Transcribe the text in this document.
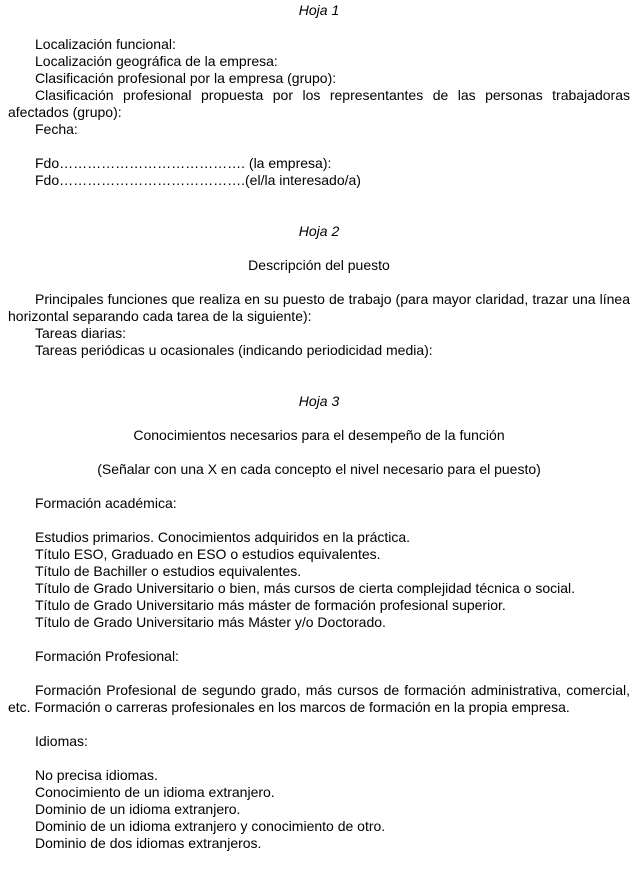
Hoja 1

Localización funcional:

Localización geográfica de la empresa:

Clasificación profesional por la empresa (grupo):

Clasificación profesional propuesta por los representantes de las personas trabajadoras afectados (grupo):

Fecha:

Fdo…………………………………. (la empresa):

Fdo………………………………….(el/la interesado/a)

Hoja 2

Descripción del puesto

Principales funciones que realiza en su puesto de trabajo (para mayor claridad, trazar una línea horizontal separando cada tarea de la siguiente):

Tareas diarias:

Tareas periódicas u ocasionales (indicando periodicidad media):

Hoja 3

Conocimientos necesarios para el desempeño de la función

(Señalar con una X en cada concepto el nivel necesario para el puesto)

Formación académica:

Estudios primarios. Conocimientos adquiridos en la práctica.

Título ESO, Graduado en ESO o estudios equivalentes.

Título de Bachiller o estudios equivalentes.

Título de Grado Universitario o bien, más cursos de cierta complejidad técnica o social.

Título de Grado Universitario más máster de formación profesional superior.

Título de Grado Universitario más Máster y/o Doctorado.

Formación Profesional:

Formación Profesional de segundo grado, más cursos de formación administrativa, comercial, etc. Formación o carreras profesionales en los marcos de formación en la propia empresa.

Idiomas:

No precisa idiomas.

Conocimiento de un idioma extranjero.

Dominio de un idioma extranjero.

Dominio de un idioma extranjero y conocimiento de otro.

Dominio de dos idiomas extranjeros.
